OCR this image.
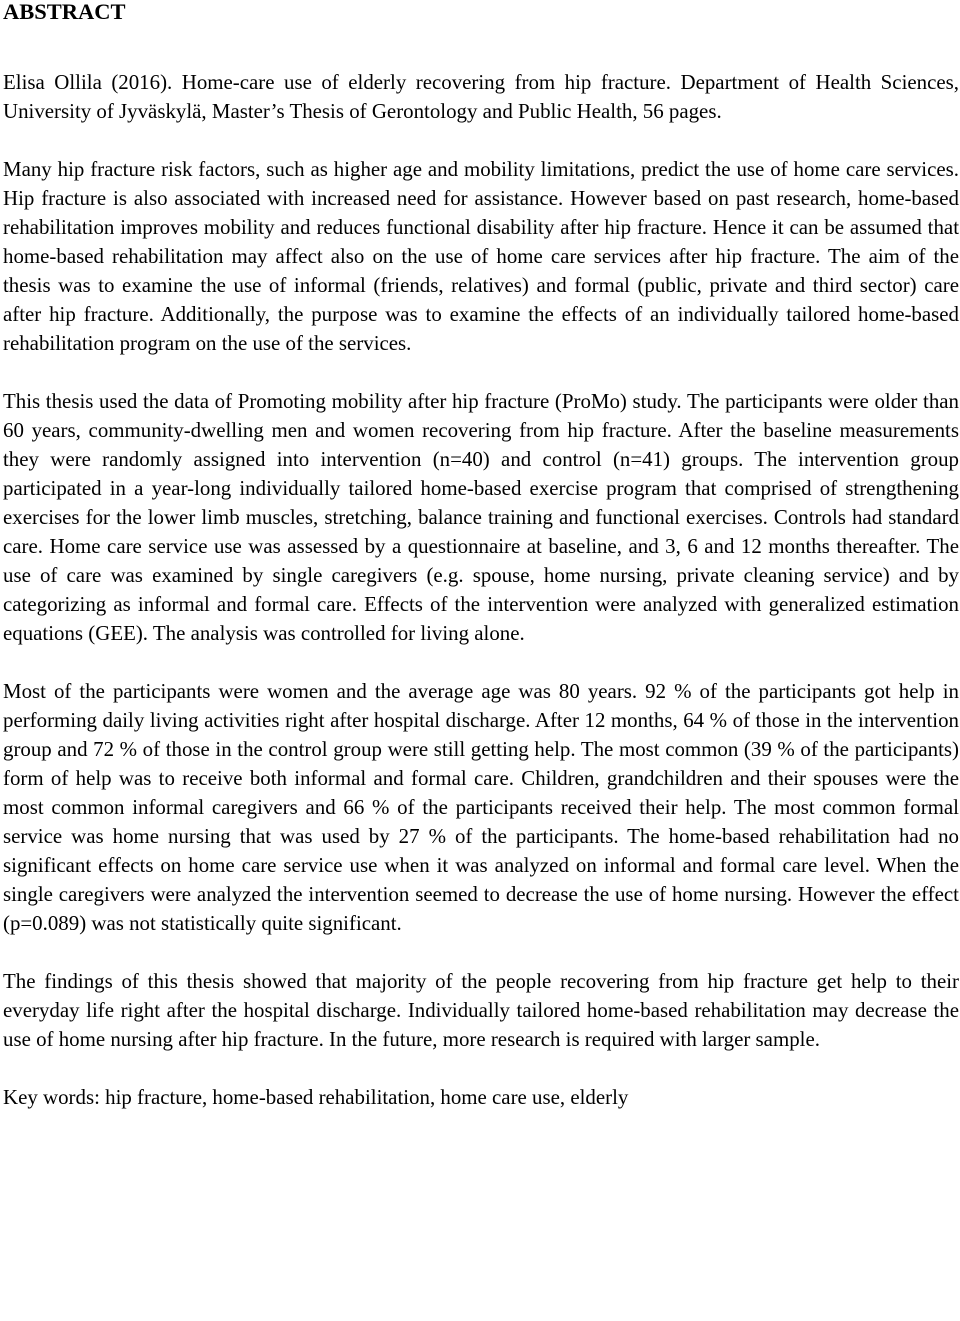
ABSTRACT

Elisa Ollila (2016). Home-care use of elderly recovering from hip fracture. Department of Health Sciences, University of Jyväskylä, Master’s Thesis of Gerontology and Public Health, 56 pages.

Many hip fracture risk factors, such as higher age and mobility limitations, predict the use of home care services. Hip fracture is also associated with increased need for assistance. However based on past research, home-based rehabilitation improves mobility and reduces functional disability after hip fracture. Hence it can be assumed that home-based rehabilitation may affect also on the use of home care services after hip fracture. The aim of the thesis was to examine the use of informal (friends, relatives) and formal (public, private and third sector) care after hip fracture. Additionally, the purpose was to examine the effects of an individually tailored home-based rehabilitation program on the use of the services.

This thesis used the data of Promoting mobility after hip fracture (ProMo) study. The participants were older than 60 years, community-dwelling men and women recovering from hip fracture. After the baseline measurements they were randomly assigned into intervention (n=40) and control (n=41) groups. The intervention group participated in a year-long individually tailored home-based exercise program that comprised of strengthening exercises for the lower limb muscles, stretching, balance training and functional exercises. Controls had standard care. Home care service use was assessed by a questionnaire at baseline, and 3, 6 and 12 months thereafter. The use of care was examined by single caregivers (e.g. spouse, home nursing, private cleaning service) and by categorizing as informal and formal care. Effects of the intervention were analyzed with generalized estimation equations (GEE). The analysis was controlled for living alone.

Most of the participants were women and the average age was 80 years. 92 % of the participants got help in performing daily living activities right after hospital discharge. After 12 months, 64 % of those in the intervention group and 72 % of those in the control group were still getting help. The most common (39 % of the participants) form of help was to receive both informal and formal care. Children, grandchildren and their spouses were the most common informal caregivers and 66 % of the participants received their help. The most common formal service was home nursing that was used by 27 % of the participants. The home-based rehabilitation had no significant effects on home care service use when it was analyzed on informal and formal care level. When the single caregivers were analyzed the intervention seemed to decrease the use of home nursing. However the effect (p=0.089) was not statistically quite significant.

The findings of this thesis showed that majority of the people recovering from hip fracture get help to their everyday life right after the hospital discharge. Individually tailored home-based rehabilitation may decrease the use of home nursing after hip fracture. In the future, more research is required with larger sample.

Key words: hip fracture, home-based rehabilitation, home care use, elderly
